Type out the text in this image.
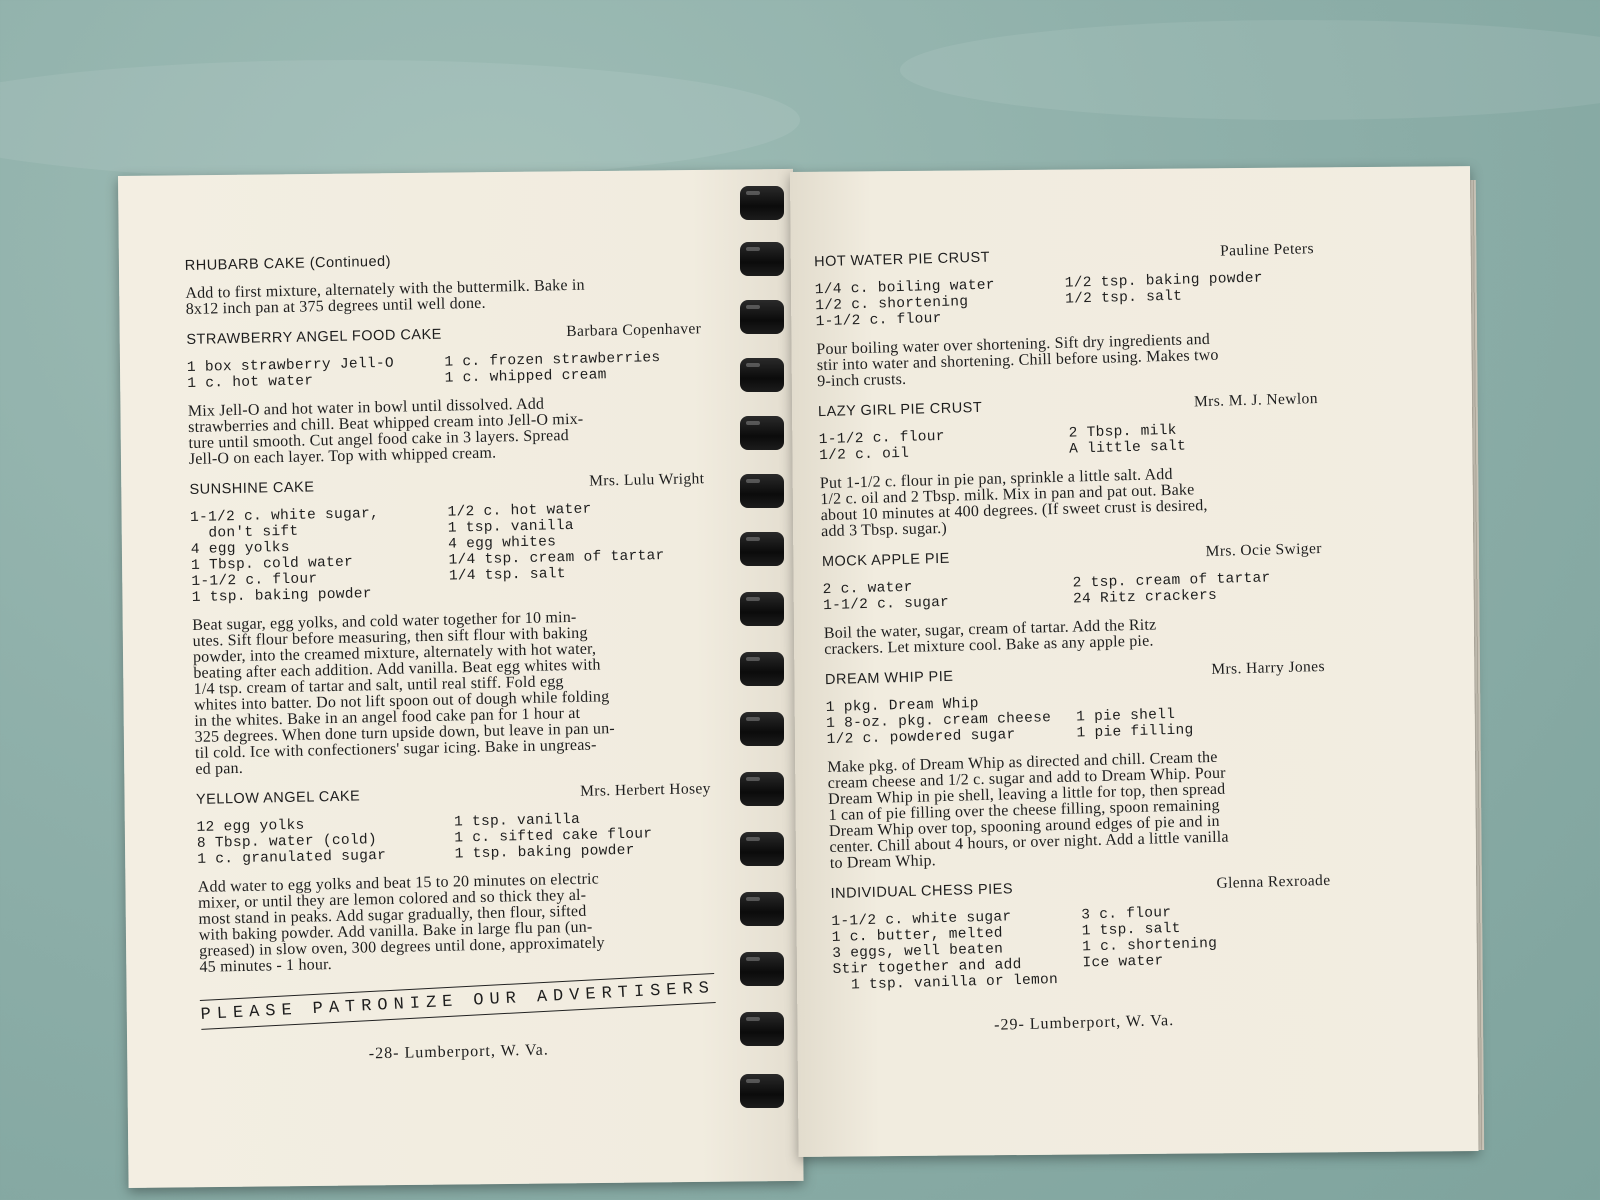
RHUBARB CAKE (Continued)

Add to first mixture, alternately with the buttermilk. Bake in
8x12 inch pan at 375 degrees until well done.

STRAWBERRY ANGEL FOOD CAKE	Barbara Copenhaver
1 box strawberry Jell-O
1 c. hot water
1 c. frozen strawberries
1 c. whipped cream

Mix Jell-O and hot water in bowl until dissolved. Add
strawberries and chill. Beat whipped cream into Jell-O mix-
ture until smooth. Cut angel food cake in 3 layers. Spread
Jell-O on each layer. Top with whipped cream.

SUNSHINE CAKE	Mrs. Lulu Wright
1-1/2 c. white sugar,
don't sift
4 egg yolks
1 Tbsp. cold water
1-1/2 c. flour
1 tsp. baking powder
1/2 c. hot water
1 tsp. vanilla
4 egg whites
1/4 tsp. cream of tartar
1/4 tsp. salt

Beat sugar, egg yolks, and cold water together for 10 min-
utes. Sift flour before measuring, then sift flour with baking
powder, into the creamed mixture, alternately with hot water,
beating after each addition. Add vanilla. Beat egg whites with
1/4 tsp. cream of tartar and salt, until real stiff. Fold egg
whites into batter. Do not lift spoon out of dough while folding
in the whites. Bake in an angel food cake pan for 1 hour at
325 degrees. When done turn upside down, but leave in pan un-
til cold. Ice with confectioners' sugar icing. Bake in ungreas-
ed pan.

YELLOW ANGEL CAKE	Mrs. Herbert Hosey
12 egg yolks
8 Tbsp. water (cold)
1 c. granulated sugar
1 tsp. vanilla
1 c. sifted cake flour
1 tsp. baking powder

Add water to egg yolks and beat 15 to 20 minutes on electric
mixer, or until they are lemon colored and so thick they al-
most stand in peaks. Add sugar gradually, then flour, sifted
with baking powder. Add vanilla. Bake in large flu pan (un-
greased) in slow oven, 300 degrees until done, approximately
45 minutes - 1 hour.

PLEASE PATRONIZE OUR ADVERTISERS
-28- Lumberport, W. Va.
HOT WATER PIE CRUST	Pauline Peters
1/4 c. boiling water
1/2 c. shortening
1-1/2 c. flour
1/2 tsp. baking powder
1/2 tsp. salt

Pour boiling water over shortening. Sift dry ingredients and
stir into water and shortening. Chill before using. Makes two
9-inch crusts.

LAZY GIRL PIE CRUST	Mrs. M. J. Newlon
1-1/2 c. flour
1/2 c. oil
2 Tbsp. milk
A little salt

Put 1-1/2 c. flour in pie pan, sprinkle a little salt. Add
1/2 c. oil and 2 Tbsp. milk. Mix in pan and pat out. Bake
about 10 minutes at 400 degrees. (If sweet crust is desired,
add 3 Tbsp. sugar.)

MOCK APPLE PIE
Mrs. Ocie Swiger
2 c. water
1-1/2 c. sugar
2 tsp. cream of tartar
24 Ritz crackers

Boil the water, sugar, cream of tartar. Add the Ritz
crackers. Let mixture cool. Bake as any apple pie.

DREAM WHIP PIE
Mrs. Harry Jones
1 pkg. Dream Whip
1 8-oz. pkg. cream cheese
1/2 c. powdered sugar

1 pie shell
1 pie filling

Make pkg. of Dream Whip as directed and chill. Cream the
cream cheese and 1/2 c. sugar and add to Dream Whip. Pour
Dream Whip in pie shell, leaving a little for top, then spread
1 can of pie filling over the cheese filling, spoon remaining
Dream Whip over top, spooning around edges of pie and in
center. Chill about 4 hours, or over night. Add a little vanilla
to Dream Whip.

INDIVIDUAL CHESS PIES	Glenna Rexroade
1-1/2 c. white sugar
1 c. butter, melted
3 eggs, well beaten
Stir together and add
1 tsp. vanilla or lemon
3 c. flour
1 tsp. salt
1 c. shortening
Ice water
-29- Lumberport, W. Va.
